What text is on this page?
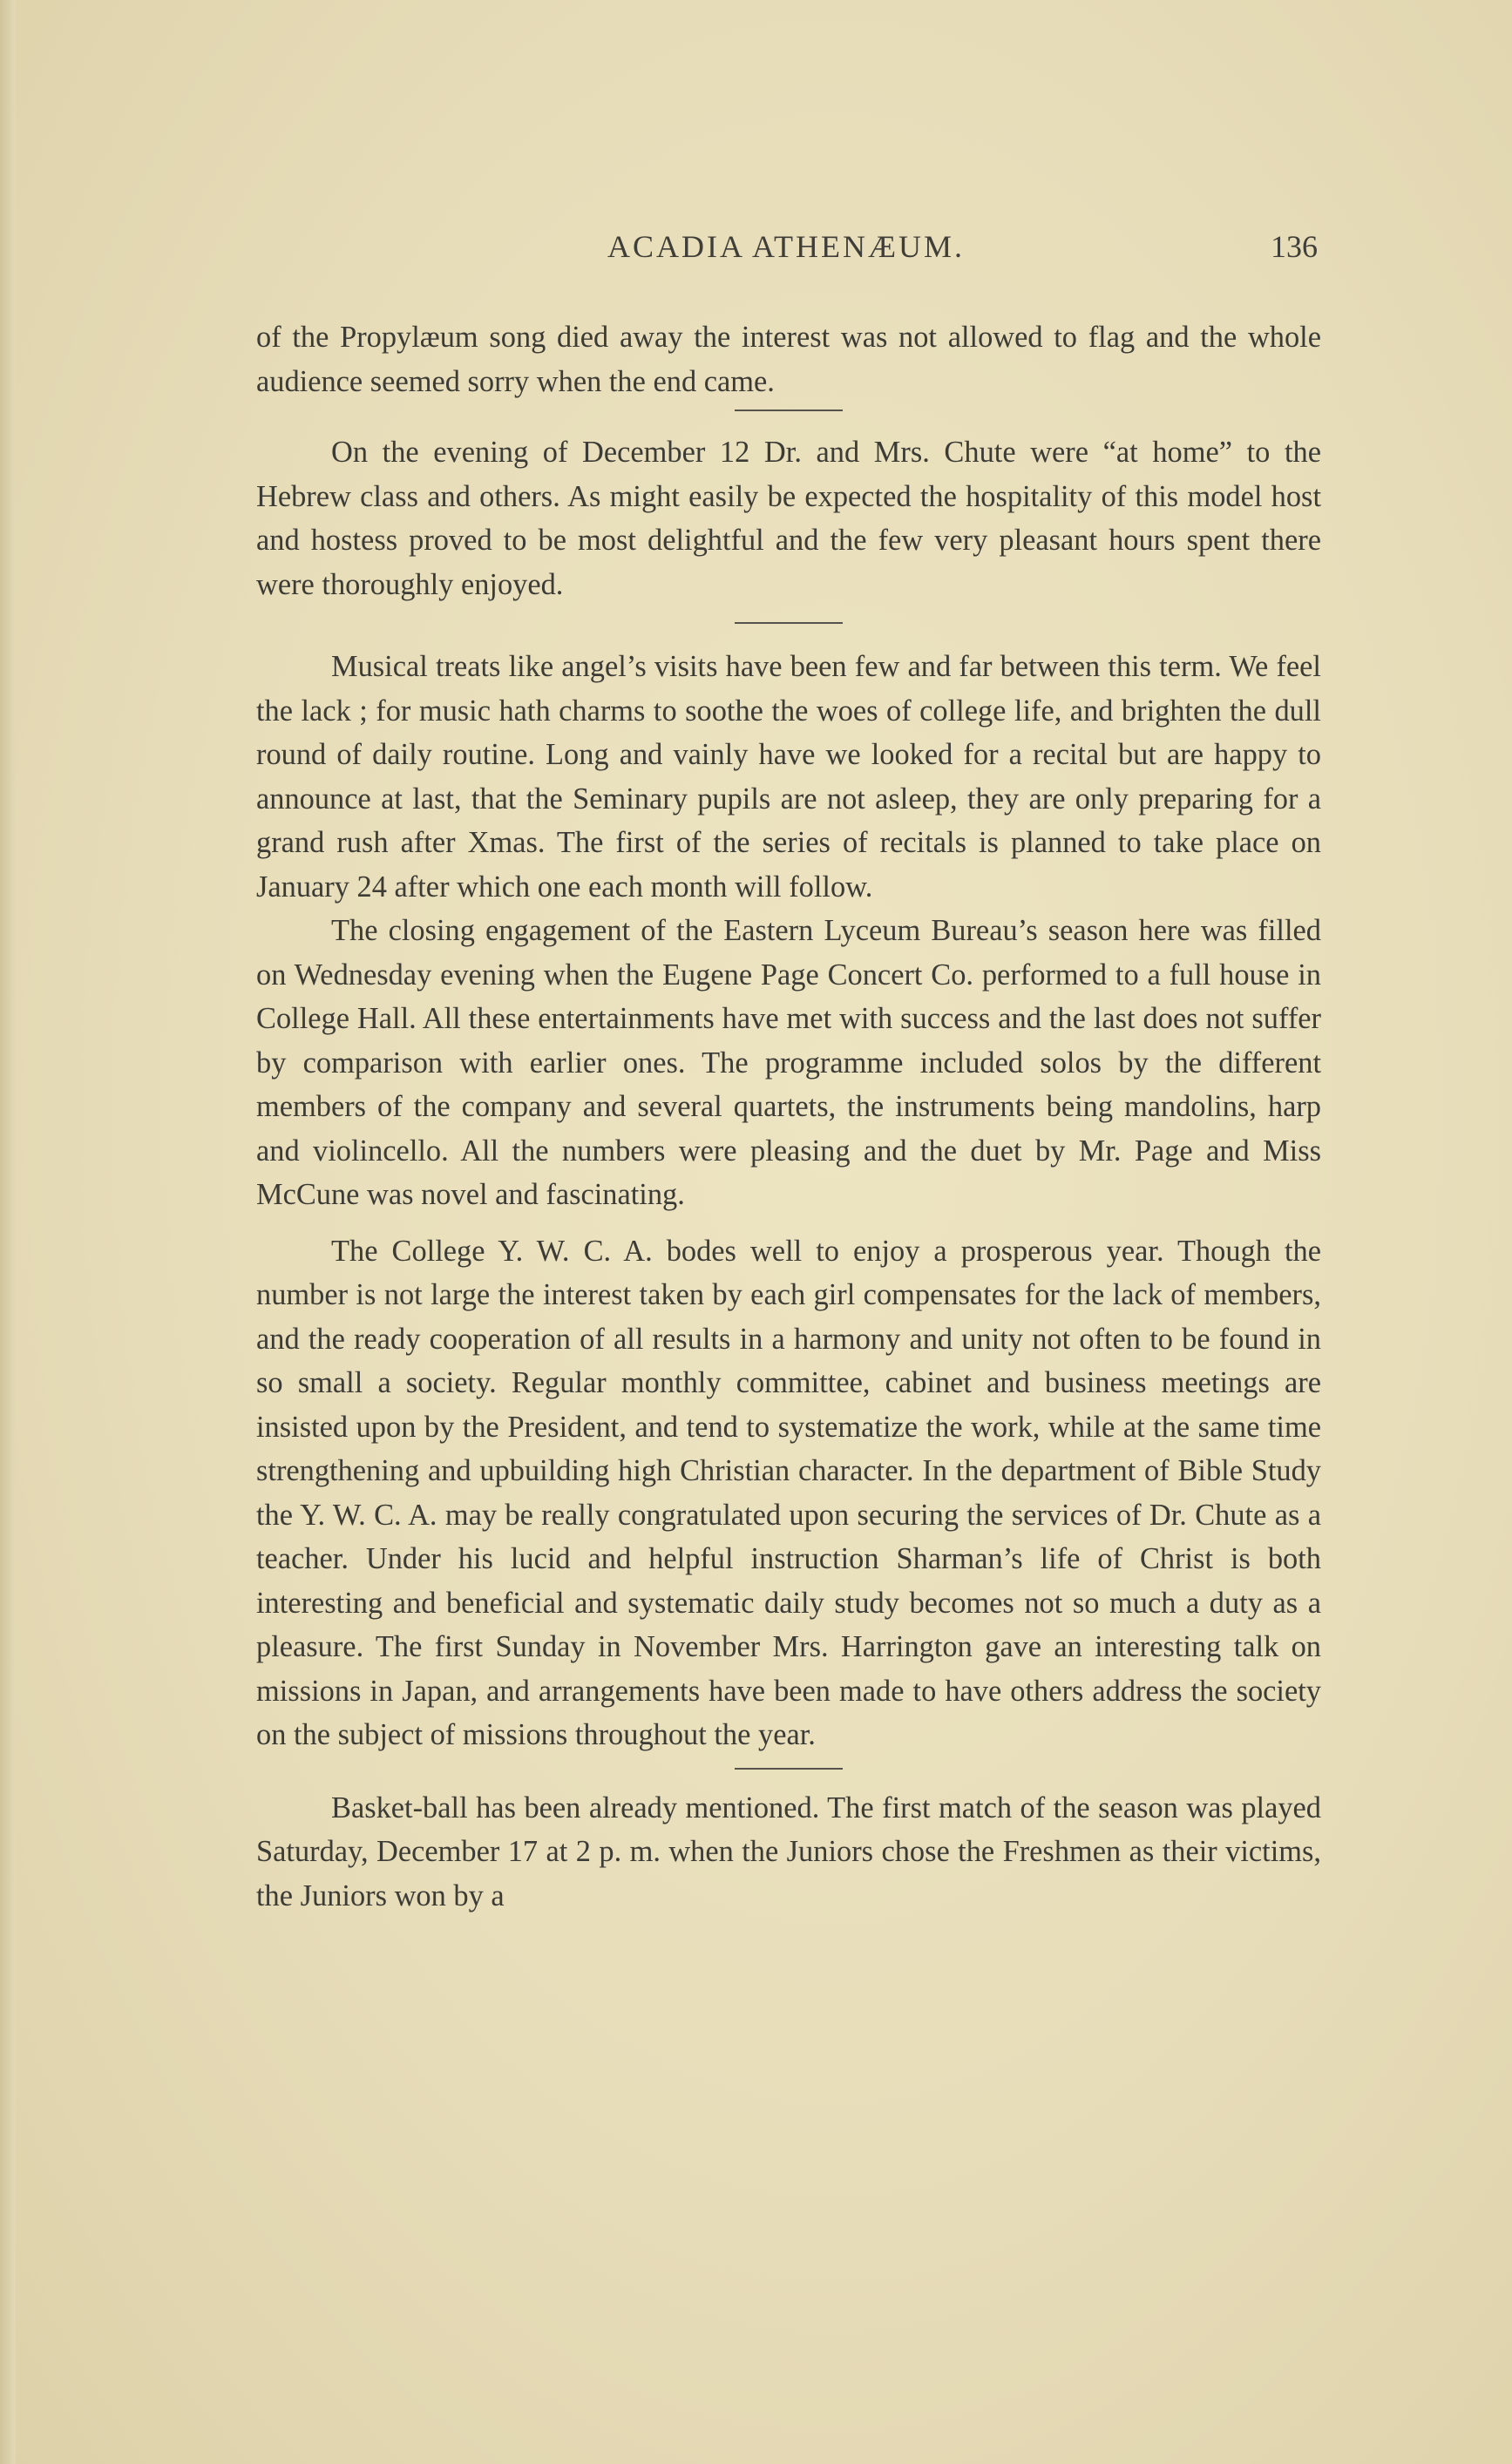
ACADIA ATHENÆUM.	136

of the Propylæum song died away the interest was not allowed to flag and the whole audience seemed sorry when the end came.

On the evening of December 12 Dr. and Mrs. Chute were “at home” to the Hebrew class and others. As might easily be expected the hospitality of this model host and hostess proved to be most delightful and the few very pleasant hours spent there were thoroughly enjoyed.

Musical treats like angel’s visits have been few and far between this term. We feel the lack ; for music hath charms to soothe the woes of college life, and brighten the dull round of daily routine. Long and vainly have we looked for a recital but are happy to announce at last, that the Seminary pupils are not asleep, they are only preparing for a grand rush after Xmas. The first of the series of recitals is planned to take place on January 24 after which one each month will follow.

The closing engagement of the Eastern Lyceum Bureau’s season here was filled on Wednesday evening when the Eugene Page Concert Co. performed to a full house in College Hall. All these entertainments have met with success and the last does not suffer by comparison with earlier ones. The programme included solos by the different members of the company and several quartets, the instruments being mandolins, harp and violincello. All the numbers were pleasing and the duet by Mr. Page and Miss McCune was novel and fascinating.

The College Y. W. C. A. bodes well to enjoy a prosperous year. Though the number is not large the interest taken by each girl compensates for the lack of members, and the ready cooperation of all results in a harmony and unity not often to be found in so small a society. Regular monthly committee, cabinet and business meetings are insisted upon by the President, and tend to systematize the work, while at the same time strengthening and upbuilding high Christian character. In the department of Bible Study the Y. W. C. A. may be really congratulated upon securing the services of Dr. Chute as a teacher. Under his lucid and helpful instruction Sharman’s life of Christ is both interesting and beneficial and systematic daily study becomes not so much a duty as a pleasure. The first Sunday in November Mrs. Harrington gave an interesting talk on missions in Japan, and arrangements have been made to have others address the society on the subject of missions throughout the year.

Basket-ball has been already mentioned. The first match of the season was played Saturday, December 17 at 2 p. m. when the Juniors chose the Freshmen as their victims, the Juniors won by a
